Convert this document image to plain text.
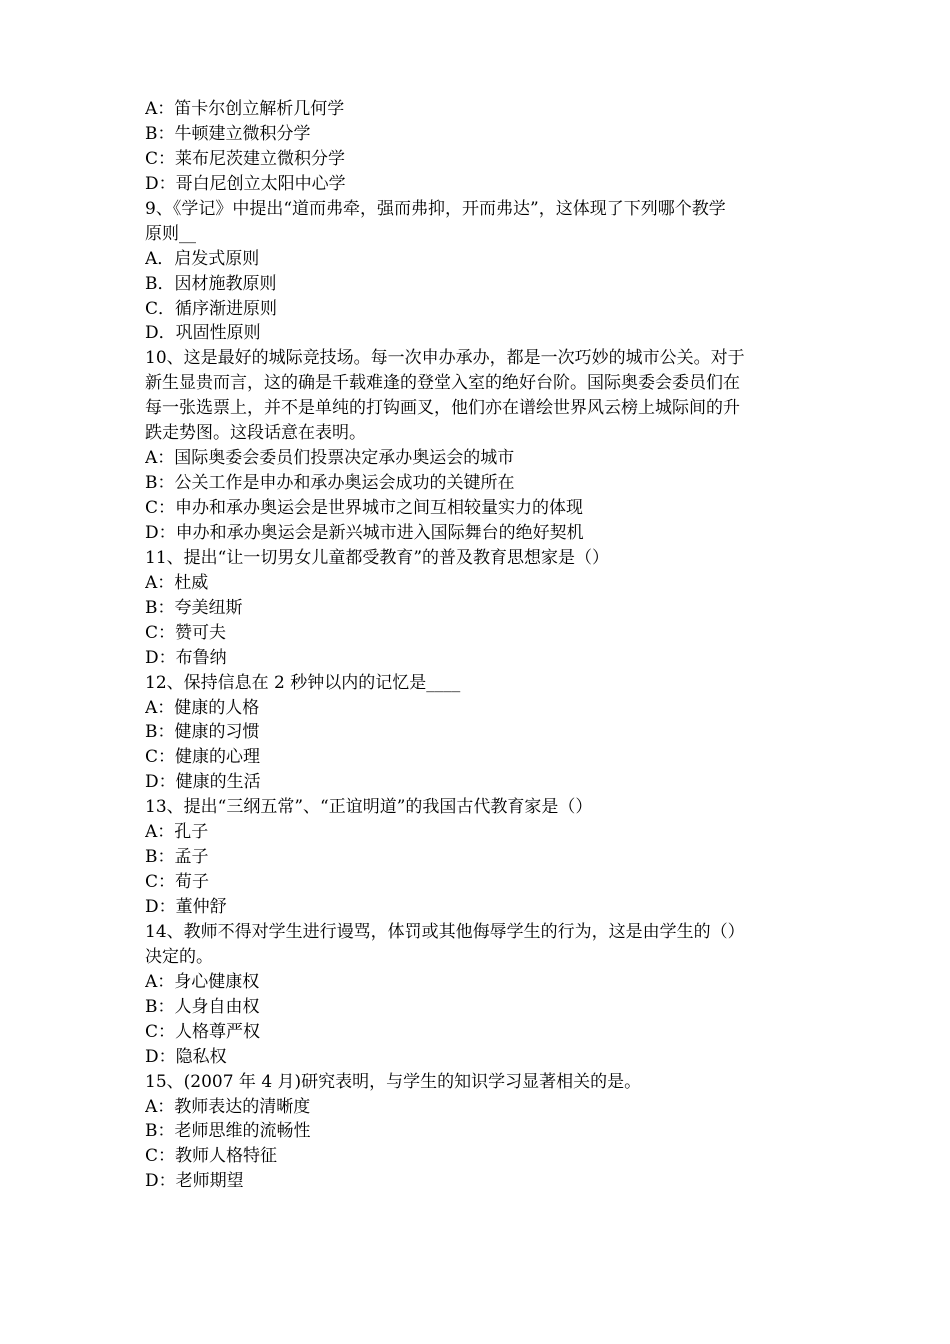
A：笛卡尔创立解析几何学
B：牛顿建立微积分学
C：莱布尼茨建立微积分学
D：哥白尼创立太阳中心学
9、《学记》中提出“道而弗牵，强而弗抑，开而弗达”，这体现了下列哪个教学
原则__
A．启发式原则
B．因材施教原则
C．循序渐进原则
D．巩固性原则
10、这是最好的城际竞技场。每一次申办承办，都是一次巧妙的城市公关。对于
新生显贵而言，这的确是千载难逢的登堂入室的绝好台阶。国际奥委会委员们在
每一张选票上，并不是单纯的打钩画叉，他们亦在谱绘世界风云榜上城际间的升
跌走势图。这段话意在表明。
A：国际奥委会委员们投票决定承办奥运会的城市
B：公关工作是申办和承办奥运会成功的关键所在
C：申办和承办奥运会是世界城市之间互相较量实力的体现
D：申办和承办奥运会是新兴城市进入国际舞台的绝好契机
11、提出“让一切男女儿童都受教育”的普及教育思想家是（）
A：杜威
B：夸美纽斯
C：赞可夫
D：布鲁纳
12、保持信息在 2 秒钟以内的记忆是____
A：健康的人格
B：健康的习惯
C：健康的心理
D：健康的生活
13、提出“三纲五常”、“正谊明道”的我国古代教育家是（）
A：孔子
B：孟子
C：荀子
D：董仲舒
14、教师不得对学生进行谩骂，体罚或其他侮辱学生的行为，这是由学生的（）
决定的。
A：身心健康权
B：人身自由权
C：人格尊严权
D：隐私权
15、(2007 年 4 月)研究表明，与学生的知识学习显著相关的是。
A：教师表达的清晰度
B：老师思维的流畅性
C：教师人格特征
D：老师期望
